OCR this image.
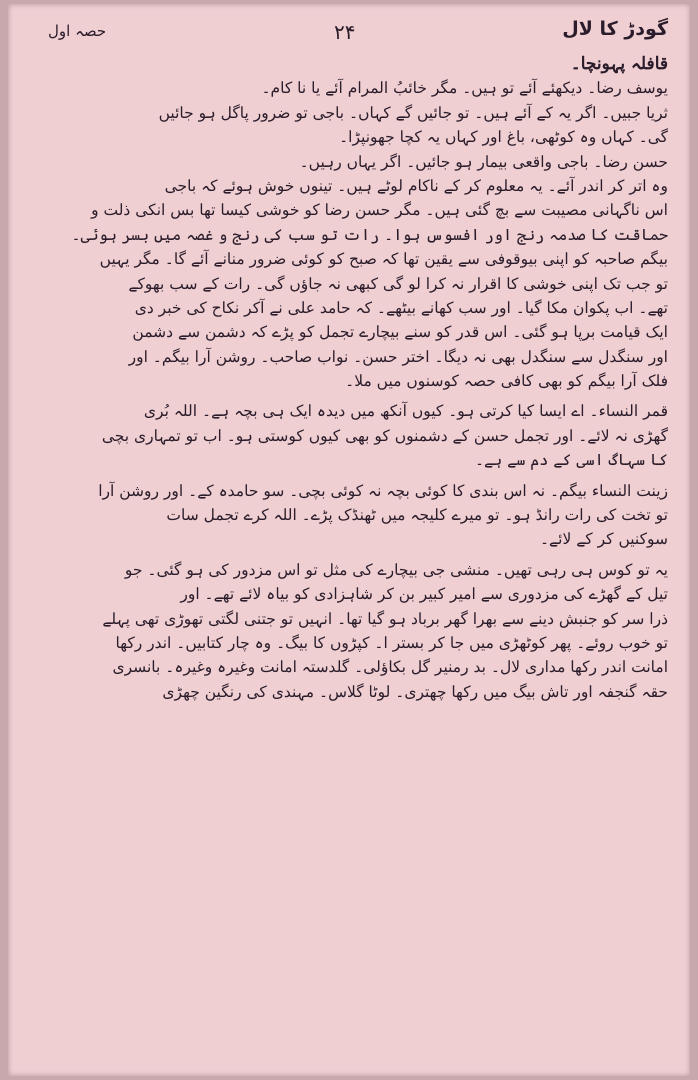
گودڑ کا لال
۲۴
حصہ اول
قافلہ پہونچا۔
یوسف رضا۔ دیکھئے آئے تو ہیں۔ مگر خائبُ المرام آئے یا نا کام۔
ثریا جبیں۔ اگر یہ کے آئے ہیں۔ تو جائیں گے کہاں۔ باجی تو ضرور پاگل ہو جائیں
گی۔ کہاں وہ کوٹھی، باغ اور کہاں یہ کچا جھونپڑا۔
حسن رضا۔ باجی واقعی بیمار ہو جائیں۔ اگر یہاں رہیں۔
وہ اتر کر اندر آئے۔ یہ معلوم کر کے ناکام لوٹے ہیں۔ تینوں خوش ہوئے کہ باجی
اس ناگہانی مصیبت سے بچ گئی ہیں۔ مگر حسن رضا کو خوشی کیسا تھا بس انکی ذلت و
حماقت کا صدمہ رنج اور افسوس ہوا۔ رات تو سب کی رنج و غصہ میں بسر ہوئی۔
بیگم صاحبہ کو اپنی بیوقوفی سے یقین تھا کہ صبح کو کوئی ضرور منانے آئے گا۔ مگر یہیں
تو جب تک اپنی خوشی کا اقرار نہ کرا لو گی کبھی نہ جاؤں گی۔ رات کے سب بھوکے
تھے۔ اب پکوان مکا گیا۔ اور سب کھانے بیٹھے۔ کہ حامد علی نے آکر نکاح کی خبر دی
ایک قیامت برپا ہو گئی۔ اس قدر کو سنے بیچارے تجمل کو پڑے کہ دشمن سے دشمن
اور سنگدل سے سنگدل بھی نہ دیگا۔ اختر حسن۔ نواب صاحب۔ روشن آرا بیگم۔ اور
فلک آرا بیگم کو بھی کافی حصہ کوسنوں میں ملا۔
قمر النساء۔ اے ایسا کیا کرتی ہو۔ کیوں آنکھ میں دیدہ ایک ہی بچہ ہے۔ اللہ بُری
گھڑی نہ لائے۔ اور تجمل حسن کے دشمنوں کو بھی کیوں کوستی ہو۔ اب تو تمہاری بچی
کا سہاگ اسی کے دم سے ہے۔
زینت النساء بیگم۔ نہ اس بندی کا کوئی بچہ نہ کوئی بچی۔ سو حامدہ کے۔ اور روشن آرا
تو تخت کی رات رانڈ ہو۔ تو میرے کلیجہ میں ٹھنڈک پڑے۔ اللہ کرے تجمل سات
سوکنیں کر کے لائے۔
یہ تو کوس ہی رہی تھیں۔ منشی جی بیچارے کی مثل تو اس مزدور کی ہو گئی۔ جو
تیل کے گھڑے کی مزدوری سے امیر کبیر بن کر شاہزادی کو بیاہ لائے تھے۔ اور
ذرا سر کو جنبش دینے سے بھرا گھر برباد ہو گیا تھا۔ انہیں تو جتنی لگتی تھوڑی تھی پہلے
تو خوب روئے۔ پھر کوٹھڑی میں جا کر بستر ا۔ کپڑوں کا بیگ۔ وہ چار کتابیں۔ اندر رکھا
امانت اندر رکھا مداری لال۔ بد رمنیر گل بکاؤلی۔ گلدستہ امانت وغیرہ وغیرہ۔ بانسری
حقہ گنجفہ اور تاش بیگ میں رکھا چھتری۔ لوٹا گلاس۔ مہندی کی رنگین چھڑی
